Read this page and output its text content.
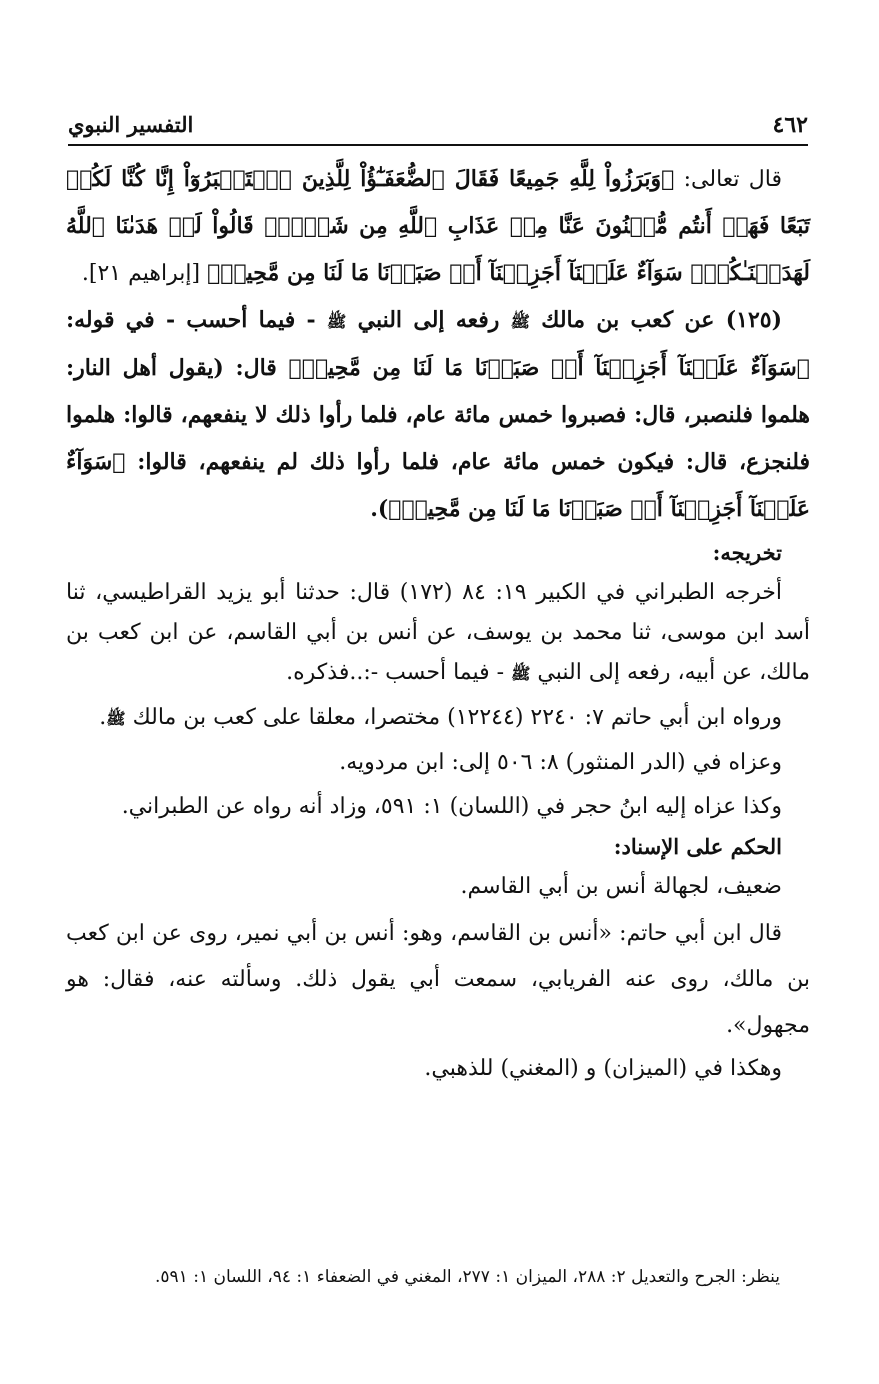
٤٦٢
التفسير النبوي

قال تعالى: ﴿وَبَرَزُواْ لِلَّهِ جَمِيعًا فَقَالَ ٱلضُّعَفَـٰٓؤُاْ لِلَّذِينَ ٱسۡتَكۡبَرُوٓاْ إِنَّا كُنَّا لَكُمۡ تَبَعًا فَهَلۡ أَنتُم مُّغۡنُونَ عَنَّا مِنۡ عَذَابِ ٱللَّهِ مِن شَيۡءٖۚ قَالُواْ لَوۡ هَدَىٰنَا ٱللَّهُ لَهَدَيۡنَـٰكُمۡۖ سَوَآءٌ عَلَيۡنَآ أَجَزِعۡنَآ أَمۡ صَبَرۡنَا مَا لَنَا مِن مَّحِيصٖ﴾ [إبراهيم ٢١].

(١٢٥) عن كعب بن مالك ﷺ رفعه إلى النبي ﷺ - فيما أحسب - في قوله: ﴿سَوَآءٌ عَلَيۡنَآ أَجَزِعۡنَآ أَمۡ صَبَرۡنَا مَا لَنَا مِن مَّحِيصٖ﴾ قال: (يقول أهل النار: هلموا فلنصبر، قال: فصبروا خمس مائة عام، فلما رأوا ذلك لا ينفعهم، قالوا: هلموا فلنجزع، قال: فيكون خمس مائة عام، فلما رأوا ذلك لم ينفعهم، قالوا: ﴿سَوَآءٌ عَلَيۡنَآ أَجَزِعۡنَآ أَمۡ صَبَرۡنَا مَا لَنَا مِن مَّحِيصٖ﴾).

تخريجه:

أخرجه الطبراني في الكبير ١٩: ٨٤ (١٧٢) قال: حدثنا أبو يزيد القراطيسي، ثنا أسد ابن موسى، ثنا محمد بن يوسف، عن أنس بن أبي القاسم، عن ابن كعب بن مالك، عن أبيه، رفعه إلى النبي ﷺ - فيما أحسب -:..فذكره.

ورواه ابن أبي حاتم ٧: ٢٢٤٠ (١٢٢٤٤) مختصرا، معلقا على كعب بن مالك ﷺ.

وعزاه في (الدر المنثور) ٨: ٥٠٦ إلى: ابن مردويه.

وكذا عزاه إليه ابنُ حجر في (اللسان) ١: ٥٩١، وزاد أنه رواه عن الطبراني.

الحكم على الإسناد:

ضعيف، لجهالة أنس بن أبي القاسم.

قال ابن أبي حاتم: «أنس بن القاسم، وهو: أنس بن أبي نمير، روى عن ابن كعب بن مالك، روى عنه الفريابي، سمعت أبي يقول ذلك. وسألته عنه، فقال: هو مجهول».

وهكذا في (الميزان) و (المغني) للذهبي.

ينظر: الجرح والتعديل ٢: ٢٨٨، الميزان ١: ٢٧٧، المغني في الضعفاء ١: ٩٤، اللسان ١: ٥٩١.
